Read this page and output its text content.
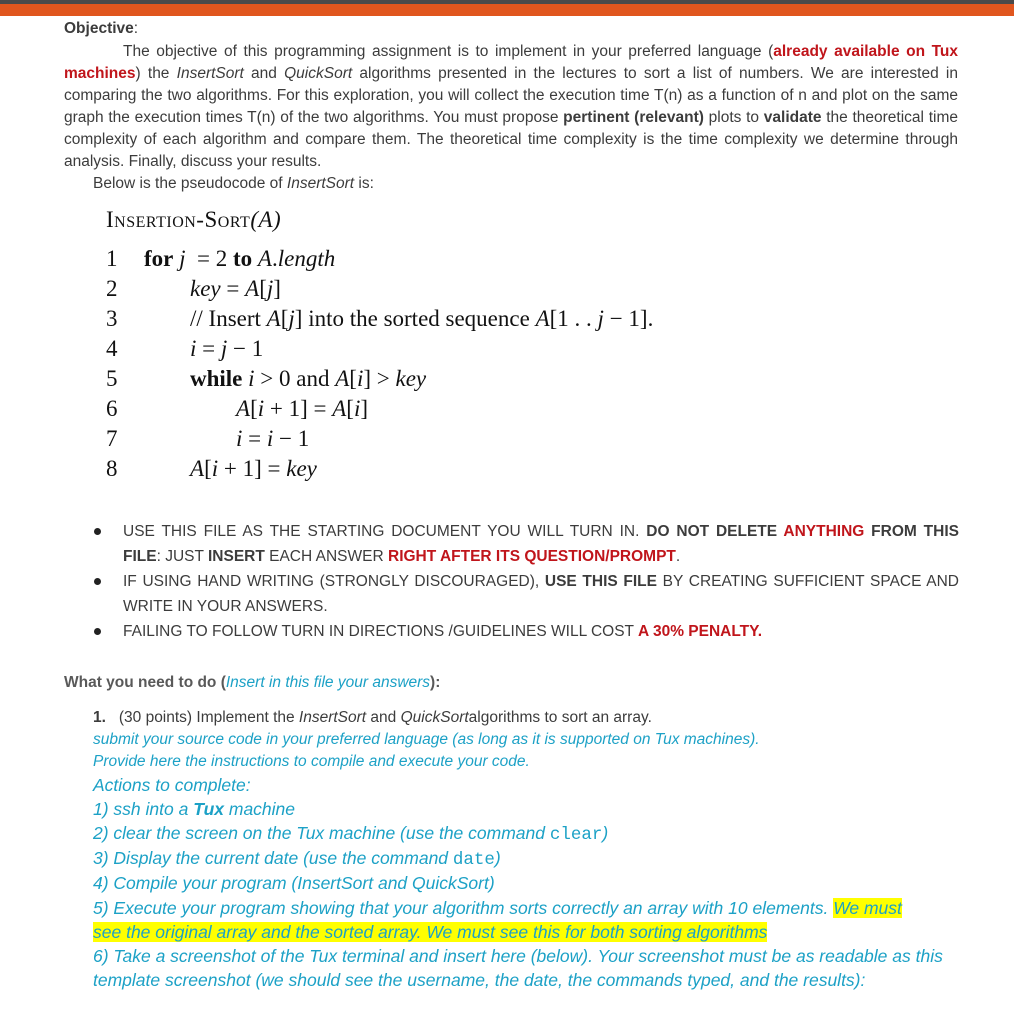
Objective:
The objective of this programming assignment is to implement in your preferred language (already available on Tux machines) the InsertSort and QuickSort algorithms presented in the lectures to sort a list of numbers. We are interested in comparing the two algorithms. For this exploration, you will collect the execution time T(n) as a function of n and plot on the same graph the execution times T(n) of the two algorithms. You must propose pertinent (relevant) plots to validate the theoretical time complexity of each algorithm and compare them. The theoretical time complexity is the time complexity we determine through analysis. Finally, discuss your results.
Below is the pseudocode of InsertSort is:
Insertion-Sort(A)
1 for j  = 2 to A.length
2	key = A[j]
3	// Insert A[j] into the sorted sequence A[1 . . j − 1].
4	i = j − 1
5	while i > 0 and A[i] > key
6	A[i + 1] = A[i]
7	i = i − 1
8	A[i + 1] = key
USE THIS FILE AS THE STARTING DOCUMENT YOU WILL TURN IN. DO NOT DELETE ANYTHING FROM THIS FILE: JUST INSERT EACH ANSWER RIGHT AFTER ITS QUESTION/PROMPT.
IF USING HAND WRITING (STRONGLY DISCOURAGED), USE THIS FILE BY CREATING SUFFICIENT SPACE AND WRITE IN YOUR ANSWERS.
FAILING TO FOLLOW TURN IN DIRECTIONS /GUIDELINES WILL COST A 30% PENALTY.
What you need to do (Insert in this file your answers):
1. (30 points) Implement the InsertSort and QuickSortalgorithms to sort an array.
submit your source code in your preferred language (as long as it is supported on Tux machines).
Provide here the instructions to compile and execute your code.
Actions to complete:
1) ssh into a Tux machine
2) clear the screen on the Tux machine (use the command clear)
3) Display the current date (use the command date)
4) Compile your program (InsertSort and QuickSort)
5) Execute your program showing that your algorithm sorts correctly an array with 10 elements. We must
see the original array and the sorted array. We must see this for both sorting algorithms
6) Take a screenshot of the Tux terminal and insert here (below). Your screenshot must be as readable as this
template screenshot (we should see the username, the date, the commands typed, and the results):
